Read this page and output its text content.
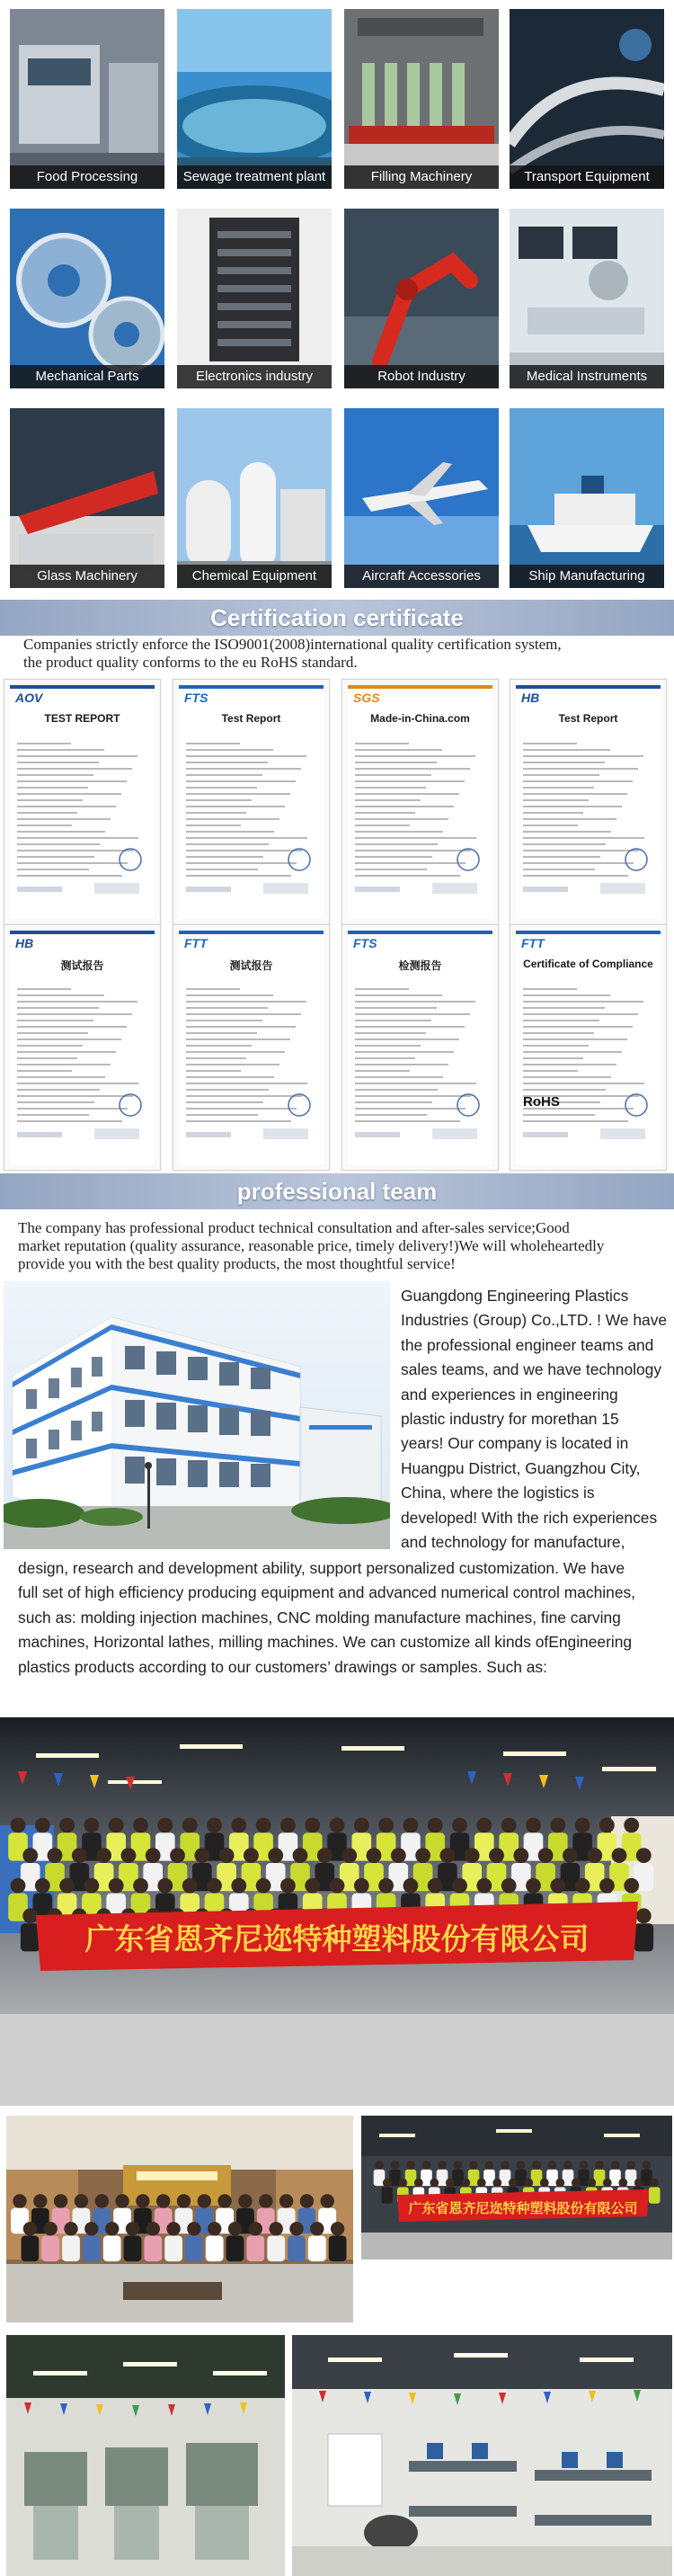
Food Processing	Sewage treatment plant	Filling Machinery	Transport Equipment
Mechanical Parts	Electronics industry	Robot Industry	Medical Instruments
Glass Machinery	Chemical Equipment	Aircraft Accessories	Ship Manufacturing
Certification certificate
Companies strictly enforce the ISO9001(2008)international quality certification system,
the product quality conforms to the eu RoHS standard.
AOV
TEST REPORT
FTS
Test Report
SGS
Made-in-China.com
HB
Test Report
HB
测试报告
FTT
测试报告
FTS
检测报告
FTT
Certificate of Compliance
RoHS
professional team
The company has professional product technical consultation and after-sales service;Good
market reputation (quality assurance, reasonable price, timely delivery!)We will wholeheartedly
provide you with the best quality products, the most thoughtful service!
Guangdong Engineering Plastics
Industries (Group) Co.,LTD. ! We have
the professional engineer teams and
sales teams, and we have technology
and experiences in engineering
plastic industry for morethan 15
years! Our company is located in
Huangpu District, Guangzhou City,
China, where the logistics is
developed! With the rich experiences
and technology for manufacture,
design, research and development ability, support personalized customization. We have
full set of high efficiency producing equipment and advanced numerical control machines,
such as: molding injection machines, CNC molding manufacture machines, fine carving
machines, Horizontal lathes, milling machines. We can customize all kinds ofEngineering
plastics products according to our customers’ drawings or samples. Such as:
广东省恩齐尼迩特种塑料股份有限公司
广东省恩齐尼迩特种塑料股份有限公司
